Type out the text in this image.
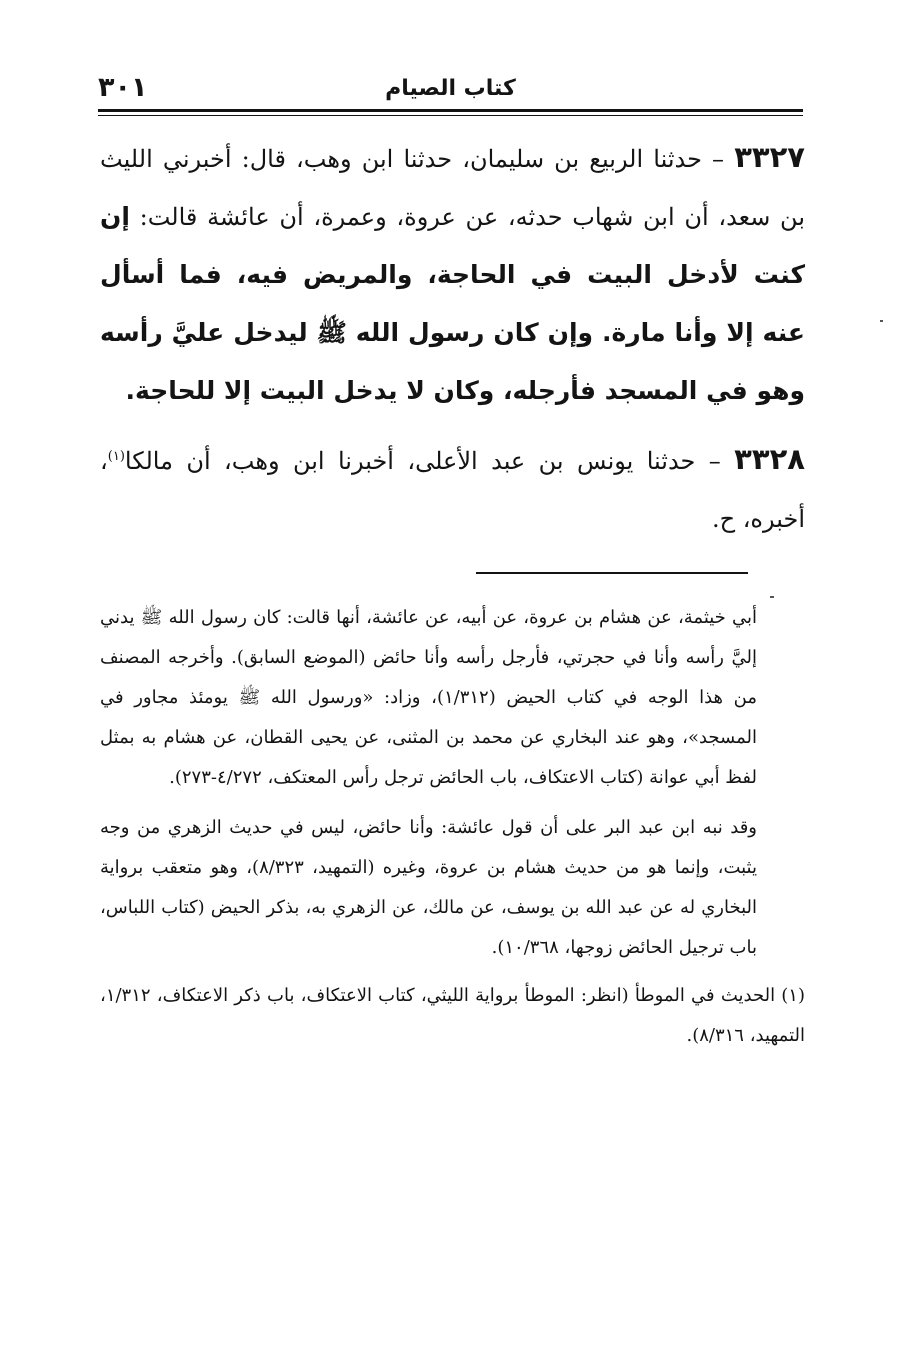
٣٠١	كتاب الصيام

٣٣٢٧ – حدثنا الربيع بن سليمان، حدثنا ابن وهب، قال: أخبرني الليث بن سعد، أن ابن شهاب حدثه، عن عروة، وعمرة، أن عائشة قالت: إن كنت لأدخل البيت في الحاجة، والمريض فيه، فما أسأل عنه إلا وأنا مارة. وإن كان رسول الله ﷺ ليدخل عليَّ رأسه وهو في المسجد فأرجله، وكان لا يدخل البيت إلا للحاجة.

٣٣٢٨ – حدثنا يونس بن عبد الأعلى، أخبرنا ابن وهب، أن مالكا$^{(١)}$، أخبره، ح.

أبي خيثمة، عن هشام بن عروة، عن أبيه، عن عائشة، أنها قالت: كان رسول الله ﷺ يدني إليَّ رأسه وأنا في حجرتي، فأرجل رأسه وأنا حائض (الموضع السابق). وأخرجه المصنف من هذا الوجه في كتاب الحيض (١/٣١٢)، وزاد: «ورسول الله ﷺ يومئذ مجاور في المسجد»، وهو عند البخاري عن محمد بن المثنى، عن يحيى القطان، عن هشام به بمثل لفظ أبي عوانة (كتاب الاعتكاف، باب الحائض ترجل رأس المعتكف، ٤/٢٧٢-٢٧٣).

وقد نبه ابن عبد البر على أن قول عائشة: وأنا حائض، ليس في حديث الزهري من وجه يثبت، وإنما هو من حديث هشام بن عروة، وغيره (التمهيد، ٨/٣٢٣)، وهو متعقب برواية البخاري له عن عبد الله بن يوسف، عن مالك، عن الزهري به، بذكر الحيض (كتاب اللباس، باب ترجيل الحائض زوجها، ١٠/٣٦٨).

(١) الحديث في الموطأ (انظر: الموطأ برواية الليثي، كتاب الاعتكاف، باب ذكر الاعتكاف، ١/٣١٢، التمهيد، ٨/٣١٦).
